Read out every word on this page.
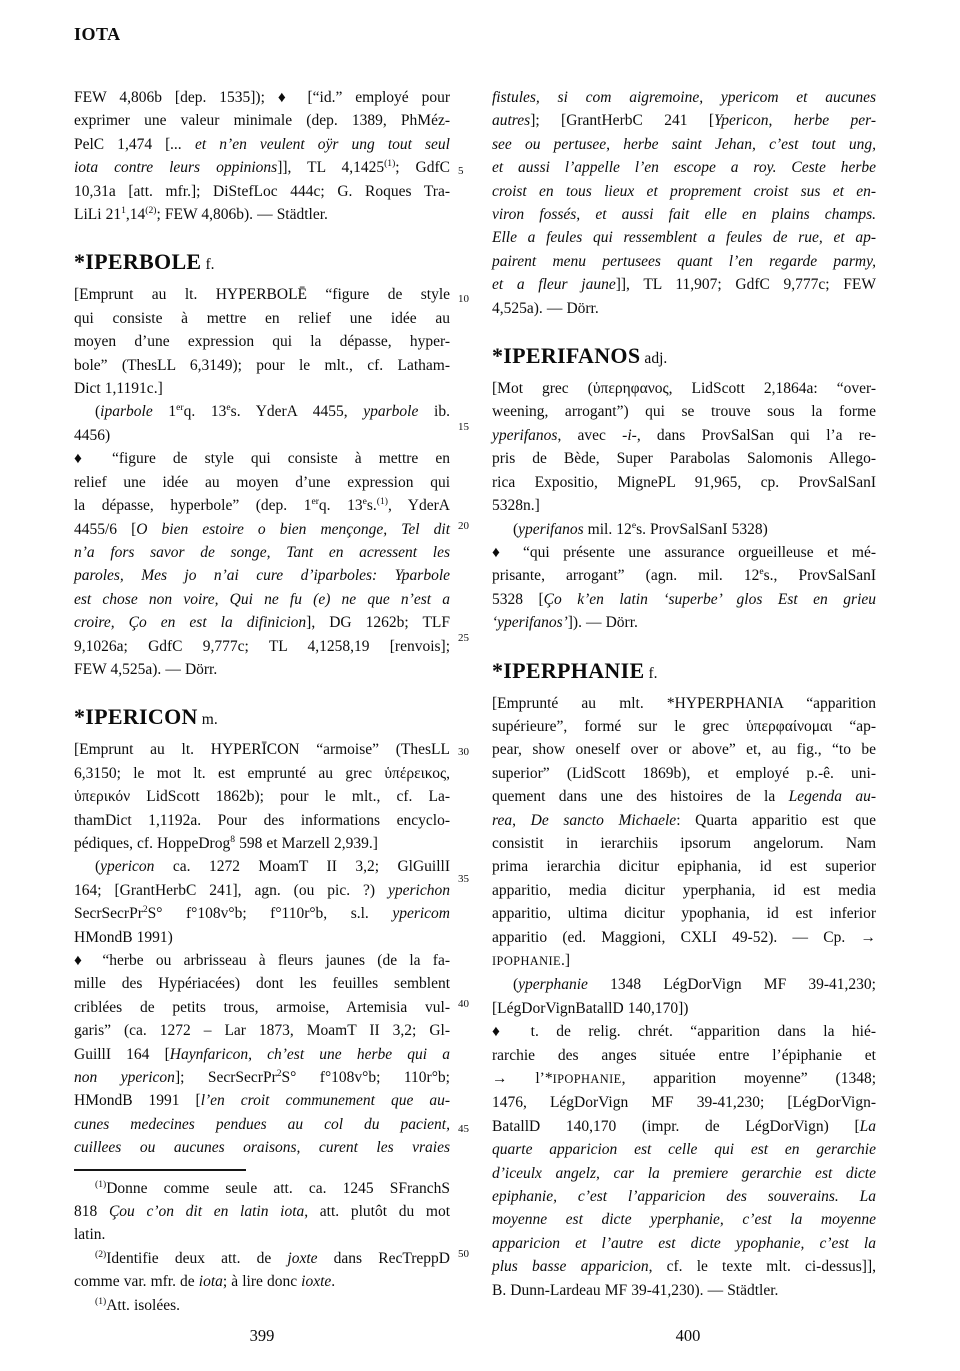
IOTA
FEW 4,806b [dep. 1535]); ♦ [“id.” employé pour
exprimer une valeur minimale (dep. 1389, PhMéz-
PelC 1,474 [... et n’en veulent oÿr ung tout seul
iota contre leurs oppinions]], TL 4,1425$^{(1)}$; GdfC
10,31a [att. mfr.]; DiStefLoc 444c; G. Roques Tra-
LiLi $21^1,14^{(2)}$; FEW 4,806b). — Städtler.
*IPERBOLE f.
[Emprunt au lt. HYPERBOLĒ “figure de style
qui consiste à mettre en relief une idée au
moyen d’une expression qui la dépasse, hyper-
bole” (ThesLL 6,3149); pour le mlt., cf. Latham-
Dict 1,1191c.]
(iparbole 1erq. 13es. YderA 4455, yparbole ib.
4456)
♦ “figure de style qui consiste à mettre en
relief une idée au moyen d’une expression qui
la dépasse, hyperbole” (dep. 1erq. 13es.$^{(1)}$, YderA
4455/6 [O bien estoire o bien mençonge, Tel dit
n’a fors savor de songe, Tant en acressent les
paroles, Mes jo n’ai cure d’iparboles: Yparbole
est chose non voire, Qui ne fu (e) ne que n’est a
croire, Ço en est la difinicion], DG 1262b; TLF
9,1026a; GdfC 9,777c; TL 4,1258,19 [renvois];
FEW 4,525a). — Dörr.
*IPERICON m.
[Emprunt au lt. HYPERĪCON “armoise” (ThesLL
6,3150; le mot lt. est emprunté au grec ὑπέρεικος,
ὑπερικόν LidScott 1862b); pour le mlt., cf. La-
thamDict 1,1192a. Pour des informations encyclo-
pédiques, cf. HoppeDrog$^8$ 598 et Marzell 2,939.]
(ypericon ca. 1272 MoamT II 3,2; GlGuillI
164; [GrantHerbC 241], agn. (ou pic. ?) yperichon
SecrSecrPr$^2$S° f°108v°b; f°110r°b, s.l. ypericom
HMondB 1991)
♦ “herbe ou arbrisseau à fleurs jaunes (de la fa-
mille des Hypériacées) dont les feuilles semblent
criblées de petits trous, armoise, Artemisia vul-
garis” (ca. 1272 – Lar 1873, MoamT II 3,2; Gl-
GuillI 164 [Haynfaricon, ch’est une herbe qui a
non ypericon]; SecrSecrPr$^2$S° f°108v°b; 110r°b;
HMondB 1991 [l’en croit communement que au-
cunes medecines pendues au col du pacient,
cuillees ou aucunes oraisons, curent les vraies
$^{(1)}$Donne comme seule att. ca. 1245 SFranchS
818 Çou c’on dit en latin iota, att. plutôt du mot
latin.
$^{(2)}$Identifie deux att. de joxte dans RecTreppD
comme var. mfr. de iota; à lire donc ioxte.
$^{(1)}$Att. isolées.
fistules, si com aigremoine, ypericom et aucunes
autres]; [GrantHerbC 241 [Ypericon, herbe per-
see ou pertusee, herbe saint Jehan, c’est tout ung,
et aussi l’appelle l’en escope a roy. Ceste herbe
croist en tous lieux et proprement croist sus et en-
viron fossés, et aussi fait elle en plains champs.
Elle a feules qui ressemblent a feules de rue, et ap-
pairent menu pertusees quant l’en regarde parmy,
et a fleur jaune]], TL 11,907; GdfC 9,777c; FEW
4,525a). — Dörr.
*IPERIFANOS adj.
[Mot grec (ὑπερηφανος, LidScott 2,1864a: “over-
weening, arrogant”) qui se trouve sous la forme
yperifanos, avec -i-, dans ProvSalSan qui l’a re-
pris de Bède, Super Parabolas Salomonis Allego-
rica Expositio, MignePL 91,965, cp. ProvSalSanI
5328n.]
(yperifanos mil. 12es. ProvSalSanI 5328)
♦ “qui présente une assurance orgueilleuse et mé-
prisante, arrogant” (agn. mil. 12es., ProvSalSanI
5328 [Ço k’en latin ‘superbe’ glos Est en grieu
‘yperifanos’]). — Dörr.
*IPERPHANIE f.
[Emprunté au mlt. *HYPERPHANIA “apparition
supérieure”, formé sur le grec ὑπερφαίνομαι “ap-
pear, show oneself over or above” et, au fig., “to be
superior” (LidScott 1869b), et employé p.-ê. uni-
quement dans une des histoires de la Legenda au-
rea, De sancto Michaele: Quarta apparitio est que
consistit in ierarchiis ipsorum angelorum. Nam
prima ierarchia dicitur epiphania, id est superior
apparitio, media dicitur yperphania, id est media
apparitio, ultima dicitur ypophania, id est inferior
apparitio (ed. Maggioni, CXLI 49-52). — Cp. →
IPOPHANIE.]
(yperphanie 1348 LégDorVign MF 39-41,230;
[LégDorVignBatallD 140,170])
♦ t. de relig. chrét. “apparition dans la hié-
rarchie des anges située entre l’épiphanie et
→ l’*IPOPHANIE, apparition moyenne” (1348;
1476, LégDorVign MF 39-41,230; [LégDorVign-
BatallD 140,170 (impr. de LégDorVign) [La
quarte apparicion est celle qui est en gerarchie
d’iceulx angelz, car la premiere gerarchie est dicte
epiphanie, c’est l’apparicion des souverains. La
moyenne est dicte yperphanie, c’est la moyenne
apparicion et l’autre est dicte ypophanie, c’est la
plus basse apparicion, cf. le texte mlt. ci-dessus]],
B. Dunn-Lardeau MF 39-41,230). — Städtler.
5
10
15
20
25
30
35
40
45
50
399	400
